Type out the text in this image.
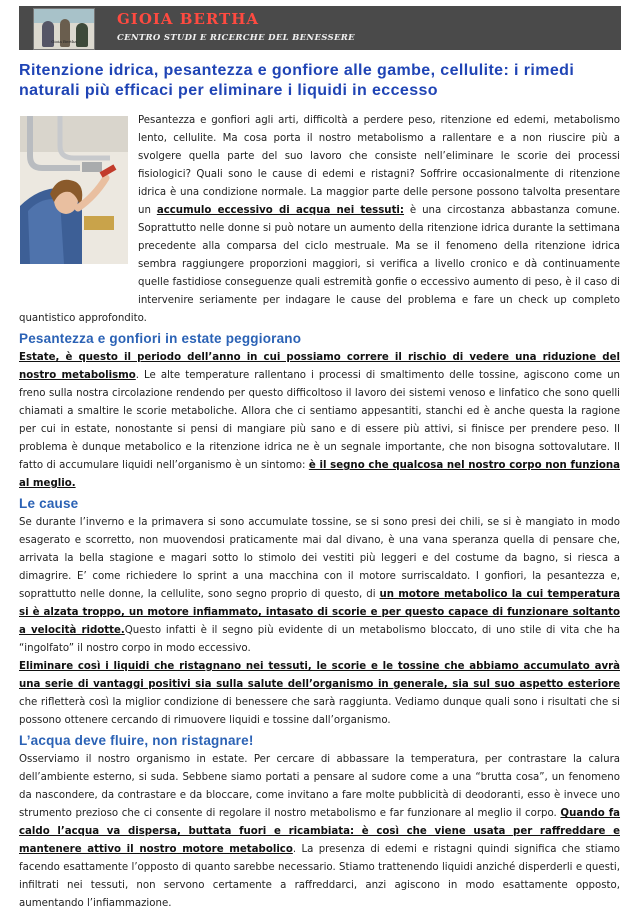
Gioia Bertha
GIOIA BERTHA
CENTRO STUDI E RICERCHE DEL BENESSERE
Ritenzione idrica, pesantezza e gonfiore alle gambe, cellulite: i rimedi naturali più efficaci per eliminare i liquidi in eccesso

Pesantezza e gonfiori agli arti, difficoltà a perdere peso, ritenzione ed edemi, metabolismo lento, cellulite. Ma cosa porta il nostro metabolismo a rallentare e a non riuscire più a svolgere quella parte del suo lavoro che consiste nell’eliminare le scorie dei processi fisiologici? Quali sono le cause di edemi e ristagni? Soffrire occasionalmente di ritenzione idrica è una condizione normale. La maggior parte delle persone possono talvolta presentare un accumulo eccessivo di acqua nei tessuti: è una circostanza abbastanza comune. Soprattutto nelle donne si può notare un aumento della ritenzione idrica durante la settimana precedente alla comparsa del ciclo mestruale. Ma se il fenomeno della ritenzione idrica sembra raggiungere proporzioni maggiori, si verifica a livello cronico e dà continuamente quelle fastidiose conseguenze quali estremità gonfie o eccessivo aumento di peso, è il caso di intervenire seriamente per indagare le cause del problema e fare un check up completo quantistico approfondito.

Pesantezza e gonfiori in estate peggiorano

Estate, è questo il periodo dell’anno in cui possiamo correre il rischio di vedere una riduzione del nostro metabolismo. Le alte temperature rallentano i processi di smaltimento delle tossine, agiscono come un freno sulla nostra circolazione rendendo per questo difficoltoso il lavoro dei sistemi venoso e linfatico che sono quelli chiamati a smaltire le scorie metaboliche. Allora che ci sentiamo appesantiti, stanchi ed è anche questa la ragione per cui in estate, nonostante si pensi di mangiare più sano e di essere più attivi, si finisce per prendere peso. Il problema è dunque metabolico e la ritenzione idrica ne è un segnale importante, che non bisogna sottovalutare. Il fatto di accumulare liquidi nell’organismo è un sintomo: è il segno che qualcosa nel nostro corpo non funziona al meglio.

Le cause

Se durante l’inverno e la primavera si sono accumulate tossine, se si sono presi dei chili, se si è mangiato in modo esagerato e scorretto, non muovendosi praticamente mai dal divano, è una vana speranza quella di pensare che, arrivata la bella stagione e magari sotto lo stimolo dei vestiti più leggeri e del costume da bagno, si riesca a dimagrire. E’ come richiedere lo sprint a una macchina con il motore surriscaldato. I gonfiori, la pesantezza e, soprattutto nelle donne, la cellulite, sono segno proprio di questo, di un motore metabolico la cui temperatura si è alzata troppo, un motore infiammato, intasato di scorie e per questo capace di funzionare soltanto a velocità ridotte.Questo infatti è il segno più evidente di un metabolismo bloccato, di uno stile di vita che ha “ingolfato” il nostro corpo in modo eccessivo.

Eliminare così i liquidi che ristagnano nei tessuti, le scorie e le tossine che abbiamo accumulato avrà una serie di vantaggi positivi sia sulla salute dell’organismo in generale, sia sul suo aspetto esteriore che rifletterà così la miglior condizione di benessere che sarà raggiunta. Vediamo dunque quali sono i risultati che si possono ottenere cercando di rimuovere liquidi e tossine dall’organismo.

L’acqua deve fluire, non ristagnare!

Osserviamo il nostro organismo in estate. Per cercare di abbassare la temperatura, per contrastare la calura dell’ambiente esterno, si suda. Sebbene siamo portati a pensare al sudore come a una “brutta cosa”, un fenomeno da nascondere, da contrastare e da bloccare, come invitano a fare molte pubblicità di deodoranti, esso è invece uno strumento prezioso che ci consente di regolare il nostro metabolismo e far funzionare al meglio il corpo. Quando fa caldo l’acqua va dispersa, buttata fuori e ricambiata: è così che viene usata per raffreddare e mantenere attivo il nostro motore metabolico. La presenza di edemi e ristagni quindi significa che stiamo facendo esattamente l’opposto di quanto sarebbe necessario. Stiamo trattenendo liquidi anziché disperderli e questi, infiltrati nei tessuti, non servono certamente a raffreddarci, anzi agiscono in modo esattamente opposto, aumentando l’infiammazione.
